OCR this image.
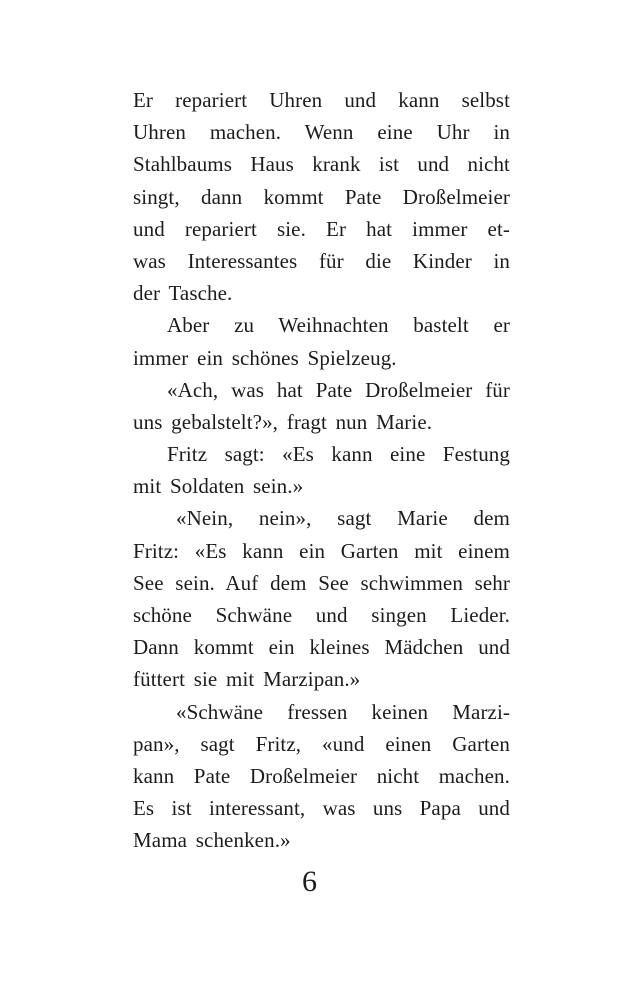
Er repariert Uhren und kann selbst
Uhren machen. Wenn eine Uhr in
Stahlbaums Haus krank ist und nicht
singt, dann kommt Pate Droßelmeier
und repariert sie. Er hat immer et-
was Interessantes für die Kinder in
der Tasche.
Aber zu Weihnachten bastelt er
immer ein schönes Spielzeug.
«Ach, was hat Pate Droßelmeier für
uns gebalstelt?», fragt nun Marie.
Fritz sagt: «Es kann eine Festung
mit Soldaten sein.»
«Nein, nein», sagt Marie dem
Fritz: «Es kann ein Garten mit einem
See sein. Auf dem See schwimmen sehr
schöne Schwäne und singen Lieder.
Dann kommt ein kleines Mädchen und
füttert sie mit Marzipan.»
«Schwäne fressen keinen Marzi-
pan», sagt Fritz, «und einen Garten
kann Pate Droßelmeier nicht machen.
Es ist interessant, was uns Papa und
Mama schenken.»
6
